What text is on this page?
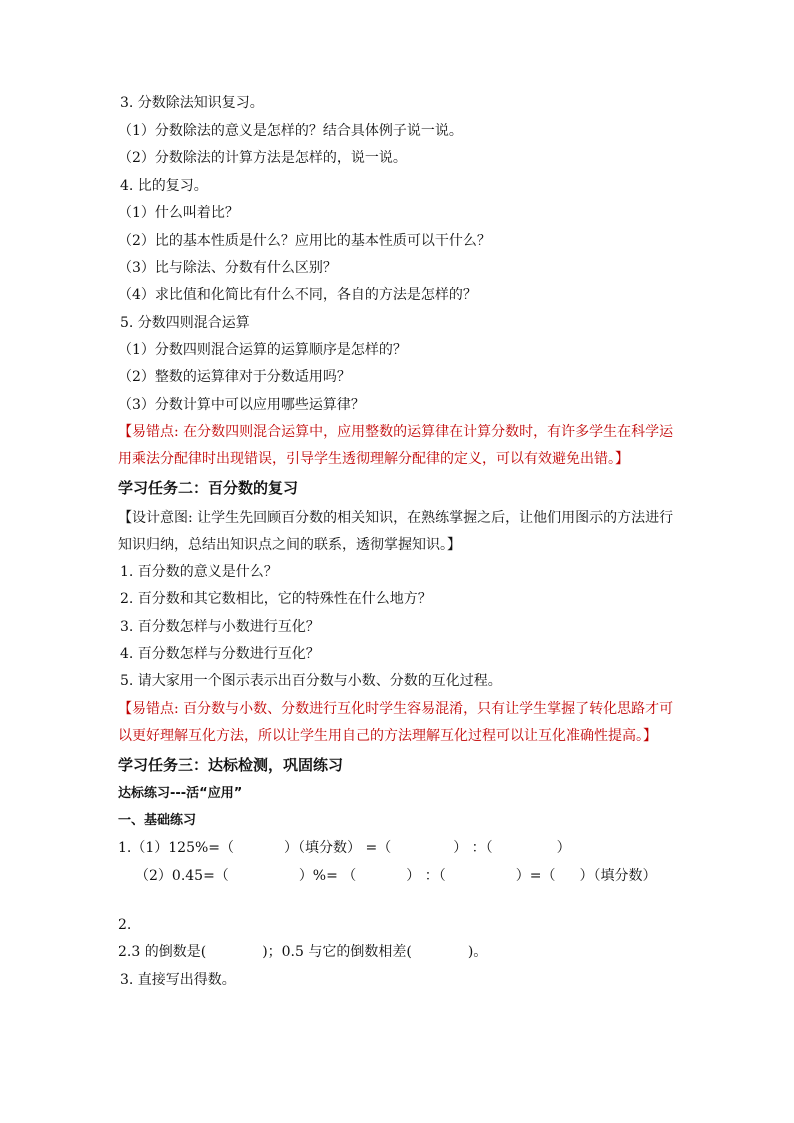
3. 分数除法知识复习。
（1）分数除法的意义是怎样的？结合具体例子说一说。
（2）分数除法的计算方法是怎样的，说一说。
4. 比的复习。
（1）什么叫着比？
（2）比的基本性质是什么？应用比的基本性质可以干什么？
（3）比与除法、分数有什么区别？
（4）求比值和化简比有什么不同，各自的方法是怎样的？
5. 分数四则混合运算
（1）分数四则混合运算的运算顺序是怎样的？
（2）整数的运算律对于分数适用吗？
（3）分数计算中可以应用哪些运算律？
【易错点: 在分数四则混合运算中，应用整数的运算律在计算分数时，有许多学生在科学运
用乘法分配律时出现错误，引导学生透彻理解分配律的定义，可以有效避免出错。】
学习任务二：百分数的复习
【设计意图: 让学生先回顾百分数的相关知识，在熟练掌握之后，让他们用图示的方法进行
知识归纳，总结出知识点之间的联系，透彻掌握知识。】
1. 百分数的意义是什么？
2. 百分数和其它数相比，它的特殊性在什么地方？
3. 百分数怎样与小数进行互化？
4. 百分数怎样与分数进行互化？
5. 请大家用一个图示表示出百分数与小数、分数的互化过程。
【易错点: 百分数与小数、分数进行互化时学生容易混淆，只有让学生掌握了转化思路才可
以更好理解互化方法，所以让学生用自己的方法理解互化过程可以让互化准确性提高。】
学习任务三：达标检测，巩固练习
达标练习---活“应用”
一、基础练习
1.（1）125%=（	）（填分数） =（	） ：（	）
（2）0.45=（	）%= （	） ：（	）=（ ）（填分数）
2.
2.3 的倒数是(	)；0.5 与它的倒数相差(	)。
3. 直接写出得数。
